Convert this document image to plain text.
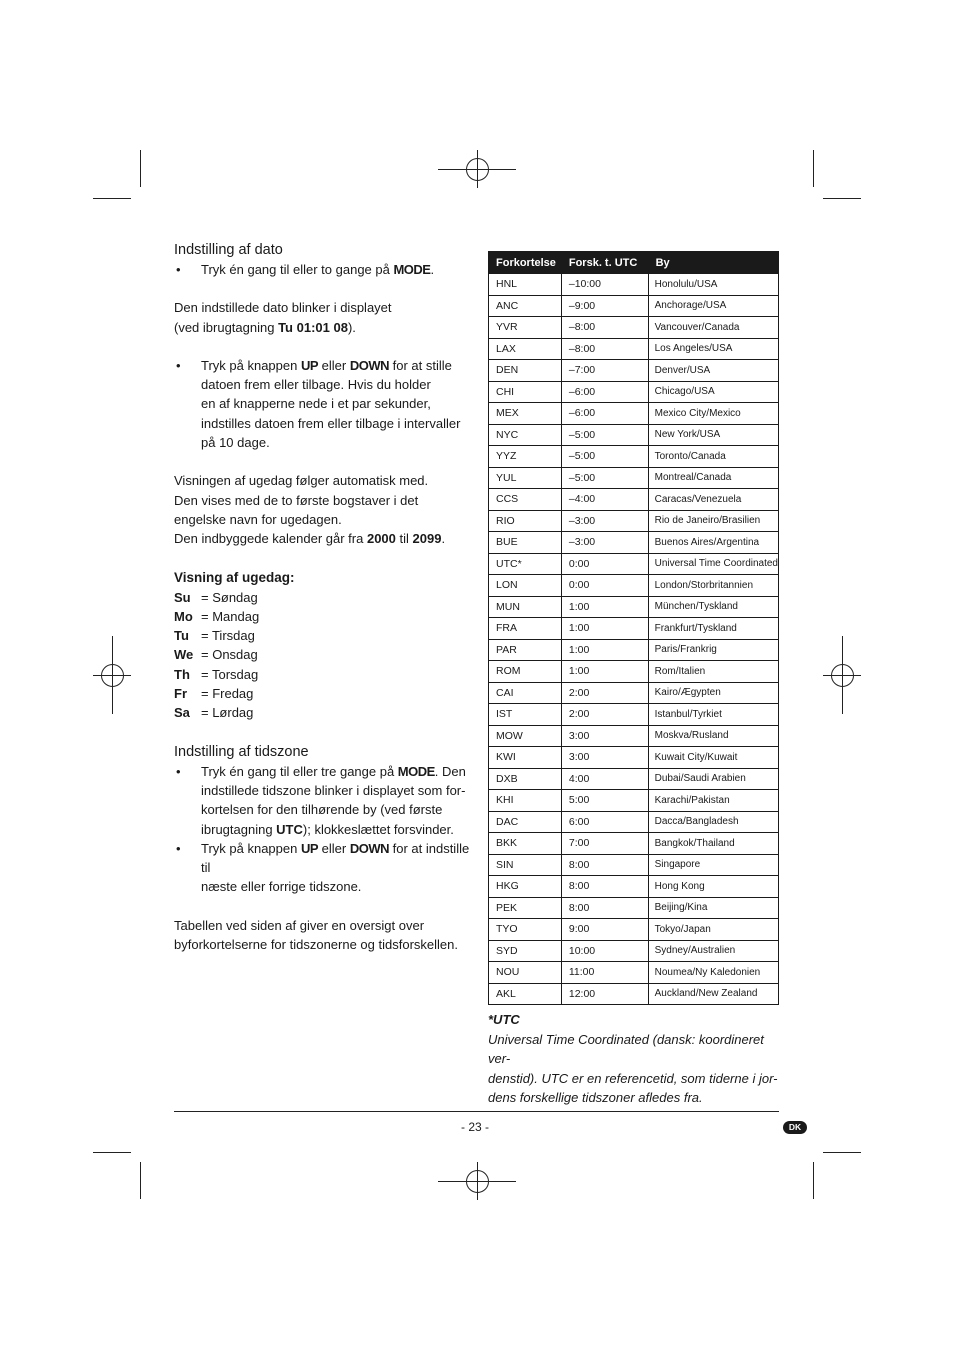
Indstilling af dato

• Tryk én gang til eller to gange på MODE.

Den indstillede dato blinker i displayet
(ved ibrugtagning Tu 01:01 08).

• Tryk på knappen UP eller DOWN for at stille
datoen frem eller tilbage. Hvis du holder
en af knapperne nede i et par sekunder,
indstilles datoen frem eller tilbage i intervaller
på 10 dage.

Visningen af ugedag følger automatisk med.
Den vises med de to første bogstaver i det
engelske navn for ugedagen.
Den indbyggede kalender går fra 2000 til 2099.

Visning af ugedag:

Su = Søndag
Mo = Mandag
Tu = Tirsdag
We = Onsdag
Th = Torsdag
Fr	= Fredag
Sa = Lørdag

Indstilling af tidszone

• Tryk én gang til eller tre gange på MODE. Den
indstillede tidszone blinker i displayet som for-
kortelsen for den tilhørende by (ved første
ibrugtagning UTC); klokkeslættet forsvinder.

• Tryk på knappen UP eller DOWN for at indstille til
næste eller forrige tidszone.

Tabellen ved siden af giver en oversigt over
byforkortelserne for tidszonerne og tidsforskellen.

Forkortelse	Forsk. t. UTC	By
HNL	–10:00	Honolulu/USA
ANC	–9:00	Anchorage/USA
YVR	–8:00	Vancouver/Canada
LAX	–8:00	Los Angeles/USA
DEN	–7:00	Denver/USA
CHI	–6:00	Chicago/USA
MEX	–6:00	Mexico City/Mexico
NYC	–5:00	New York/USA
YYZ	–5:00	Toronto/Canada
YUL	–5:00	Montreal/Canada
CCS	–4:00	Caracas/Venezuela
RIO	–3:00	Rio de Janeiro/Brasilien
BUE	–3:00	Buenos Aires/Argentina
UTC*	0:00	Universal Time Coordinated
LON	0:00	London/Storbritannien
MUN	1:00	München/Tyskland
FRA	1:00	Frankfurt/Tyskland
PAR	1:00	Paris/Frankrig
ROM	1:00	Rom/Italien
CAI	2:00	Kairo/Ægypten
IST	2:00	Istanbul/Tyrkiet
MOW	3:00	Moskva/Rusland
KWI	3:00	Kuwait City/Kuwait
DXB	4:00	Dubai/Saudi Arabien
KHI	5:00	Karachi/Pakistan
DAC	6:00	Dacca/Bangladesh
BKK	7:00	Bangkok/Thailand
SIN	8:00	Singapore
HKG	8:00	Hong Kong
PEK	8:00	Beijing/Kina
TYO	9:00	Tokyo/Japan
SYD	10:00	Sydney/Australien
NOU	11:00	Noumea/Ny Kaledonien
AKL	12:00	Auckland/New Zealand
*UTC
Universal Time Coordinated (dansk: koordineret ver-
denstid). UTC er en referencetid, som tiderne i jor-
dens forskellige tidszoner afledes fra.
- 23 -	DK
